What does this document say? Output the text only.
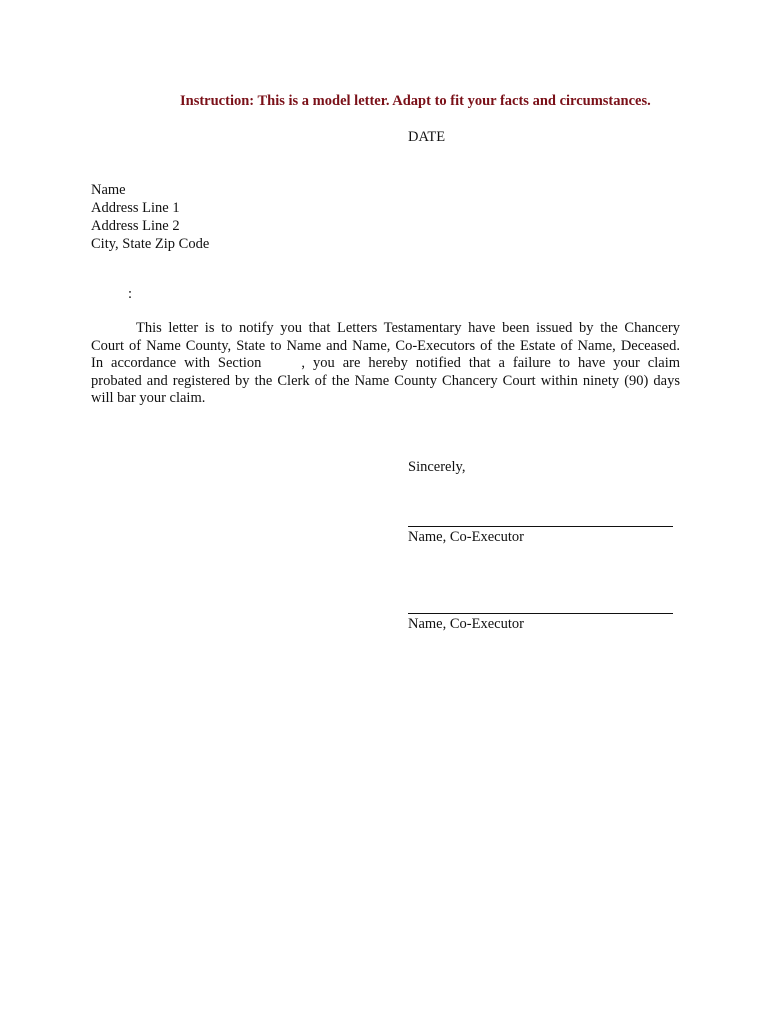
Instruction: This is a model letter. Adapt to fit your facts and circumstances.
DATE
Name
Address Line 1
Address Line 2
City, State Zip Code
:
This letter is to notify you that Letters Testamentary have been issued by the Chancery
Court of Name County, State to Name and Name, Co-Executors of the Estate of Name, Deceased.
In accordance with Section	, you are hereby notified that a failure to have your claim
probated and registered by the Clerk of the Name County Chancery Court within ninety (90) days
will bar your claim.
Sincerely,
Name, Co-Executor
Name, Co-Executor
